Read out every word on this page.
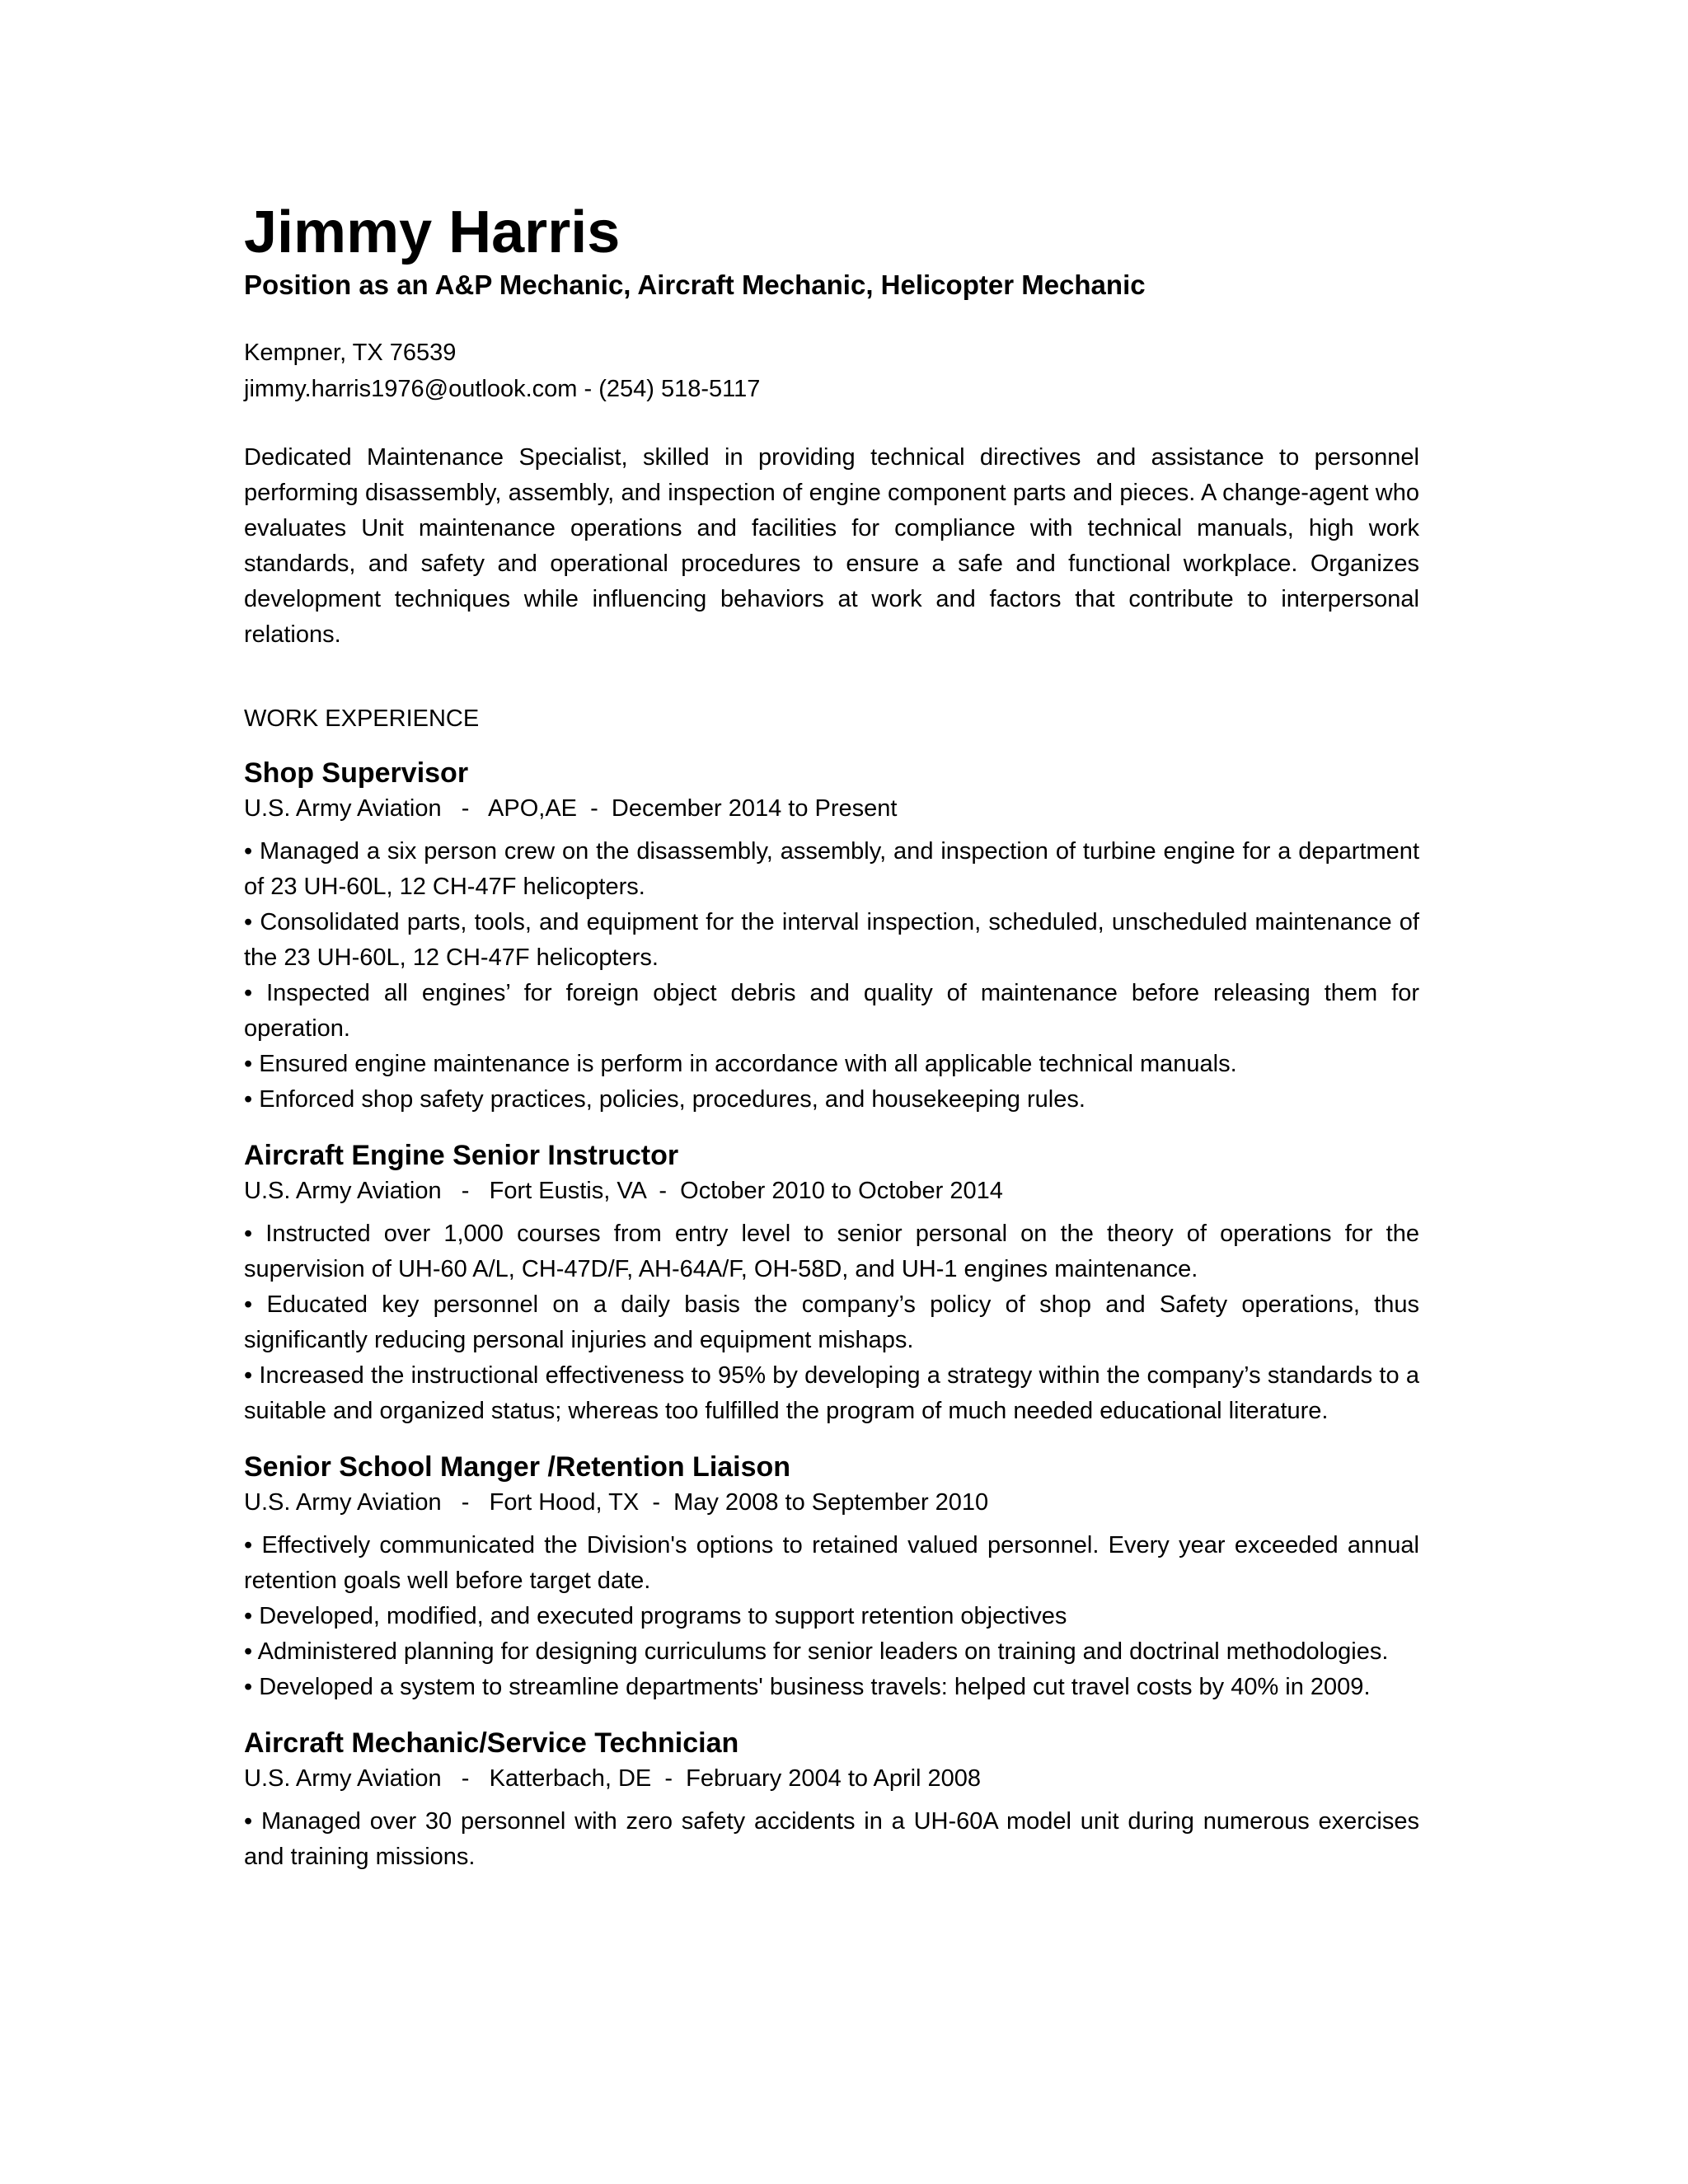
Jimmy Harris
Position as an A&P Mechanic, Aircraft Mechanic, Helicopter Mechanic
Kempner, TX 76539
jimmy.harris1976@outlook.com - (254) 518-5117
Dedicated Maintenance Specialist, skilled in providing technical directives and assistance to personnel performing disassembly, assembly, and inspection of engine component parts and pieces. A change-agent who evaluates Unit maintenance operations and facilities for compliance with technical manuals, high work standards, and safety and operational procedures to ensure a safe and functional workplace. Organizes development techniques while influencing behaviors at work and factors that contribute to interpersonal relations.
WORK EXPERIENCE
Shop Supervisor
U.S. Army Aviation   -   APO,AE  -  December 2014 to Present
• Managed a six person crew on the disassembly, assembly, and inspection of turbine engine for a department of 23 UH-60L, 12 CH-47F helicopters.
• Consolidated parts, tools, and equipment for the interval inspection, scheduled, unscheduled maintenance of the 23 UH-60L, 12 CH-47F helicopters.
• Inspected all engines’ for foreign object debris and quality of maintenance before releasing them for operation.
• Ensured engine maintenance is perform in accordance with all applicable technical manuals.
• Enforced shop safety practices, policies, procedures, and housekeeping rules.
Aircraft Engine Senior Instructor
U.S. Army Aviation   -   Fort Eustis, VA  -  October 2010 to October 2014
• Instructed over 1,000 courses from entry level to senior personal on the theory of operations for the supervision of UH-60 A/L, CH-47D/F, AH-64A/F, OH-58D, and UH-1 engines maintenance.
• Educated key personnel on a daily basis the company’s policy of shop and Safety operations, thus significantly reducing personal injuries and equipment mishaps.
• Increased the instructional effectiveness to 95% by developing a strategy within the company’s standards to a suitable and organized status; whereas too fulfilled the program of much needed educational literature.
Senior School Manger /Retention Liaison
U.S. Army Aviation   -   Fort Hood, TX  -  May 2008 to September 2010
• Effectively communicated the Division's options to retained valued personnel. Every year exceeded annual retention goals well before target date.
• Developed, modified, and executed programs to support retention objectives
• Administered planning for designing curriculums for senior leaders on training and doctrinal methodologies.
• Developed a system to streamline departments' business travels: helped cut travel costs by 40% in 2009.
Aircraft Mechanic/Service Technician
U.S. Army Aviation   -   Katterbach, DE  -  February 2004 to April 2008
• Managed over 30 personnel with zero safety accidents in a UH-60A model unit during numerous exercises and training missions.
